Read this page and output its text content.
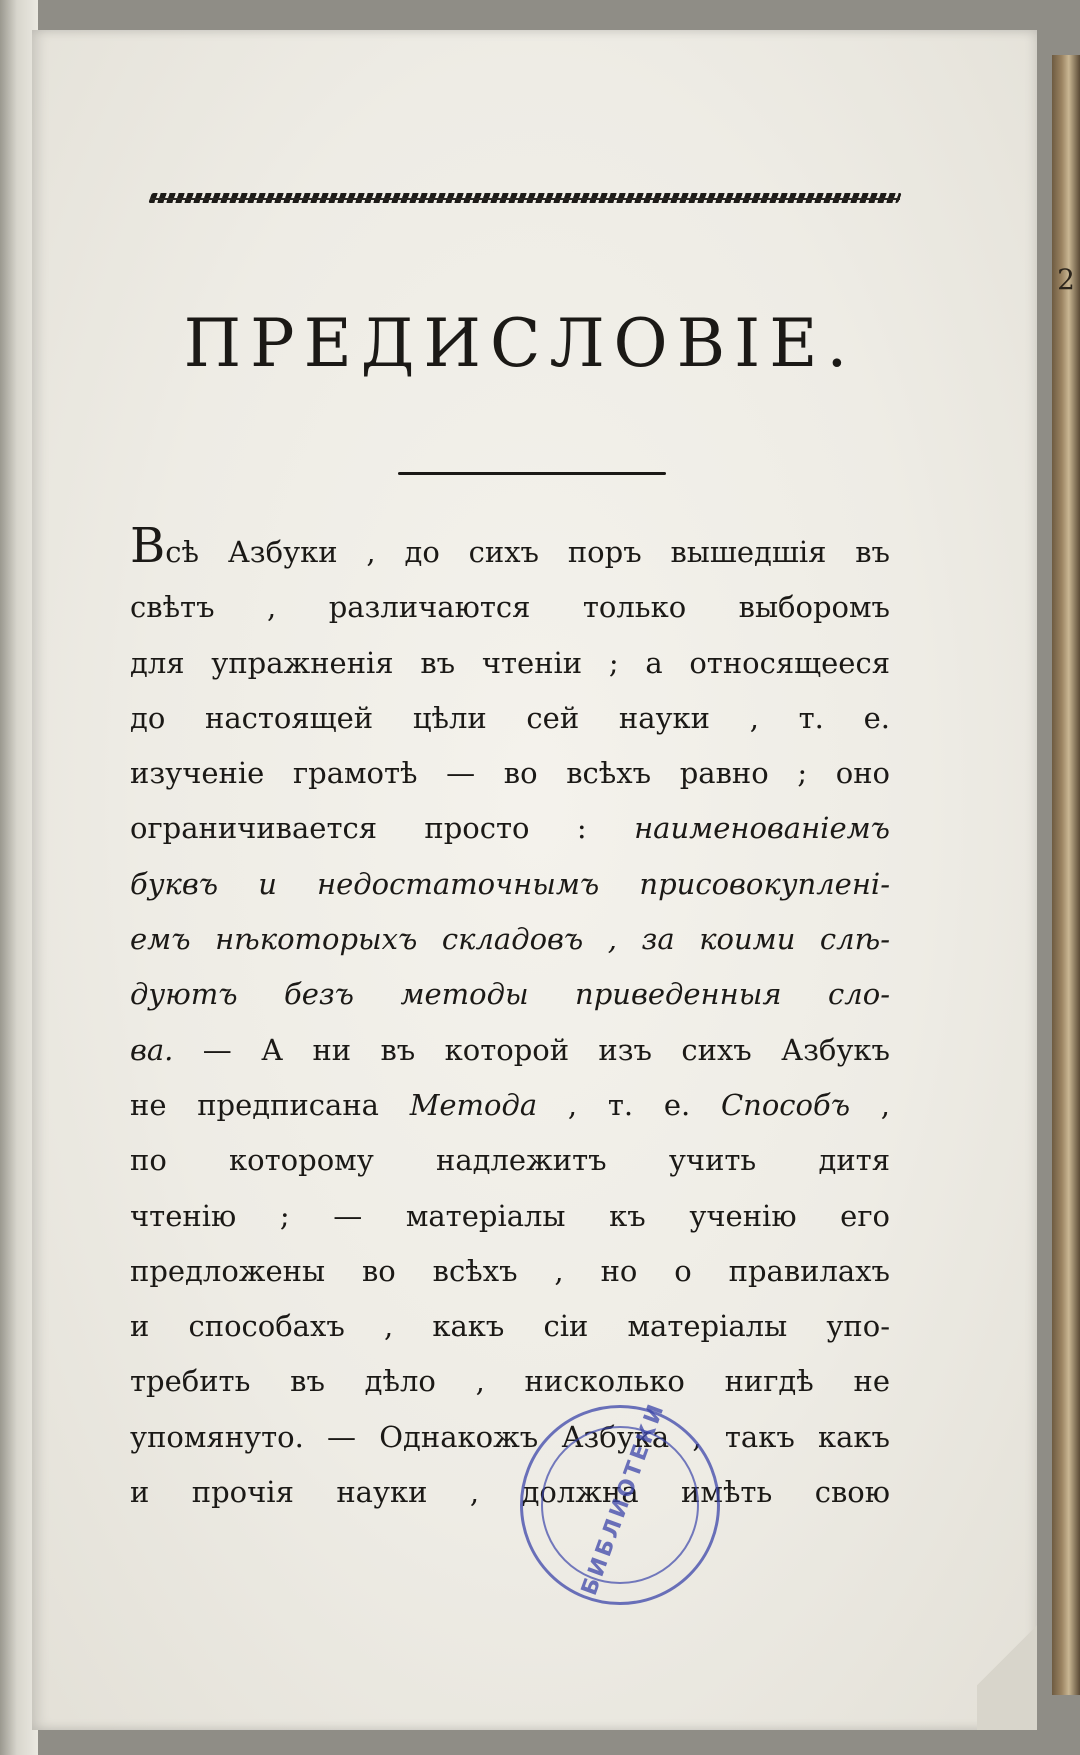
2
ПРЕДИСЛОВІЕ.
Всѣ Азбуки , до сихъ поръ вышедшія въ
свѣтъ , различаются только выборомъ
для упражненія въ чтеніи ; а относящееся
до настоящей цѣли сей науки , т. е.
изученіе грамотѣ — во всѣхъ равно ; оно
ограничивается просто : наименованіемъ
буквъ и недостаточнымъ присовокупленi-
емъ нѣкоторыхъ складовъ , за коими слѣ-
дуютъ безъ методы приведенныя сло-
ва. — А ни въ которой изъ сихъ Азбукъ
не предписана Метода , т. е. Способъ ,
по которому надлежитъ учить дитя
чтенію ; — матеріалы къ ученію его
предложены во всѣхъ , но о правилахъ
и способахъ , какъ сіи матеріалы упо-
требить въ дѣло , нисколько нигдѣ не
упомянуто. — Однакожъ Азбука , такъ какъ
и прочія науки , должна имѣть свою
БИБЛИОТЕКИ
